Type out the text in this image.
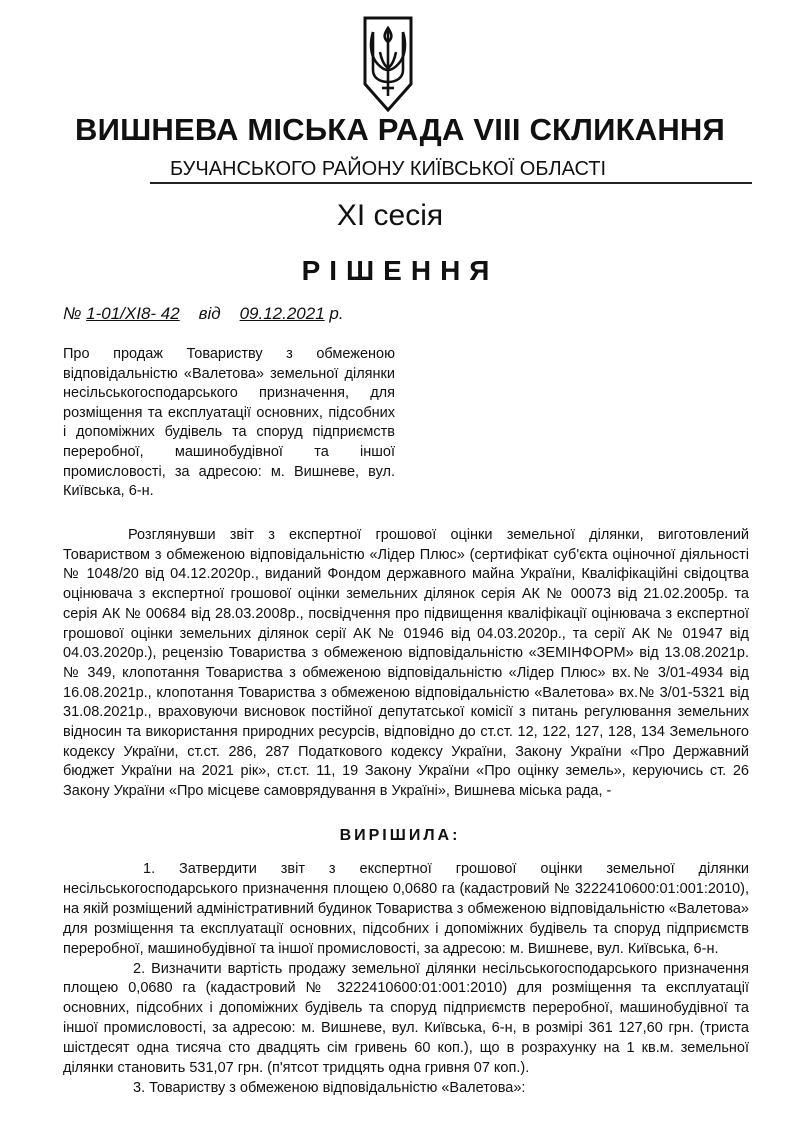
ВИШНЕВА МІСЬКА РАДА VIII СКЛИКАННЯ
БУЧАНСЬКОГО РАЙОНУ КИЇВСЬКОЇ ОБЛАСТІ
XI сесія
РІШЕННЯ
№ 1-01/XI8- 42 від 09.12.2021 р.
Про продаж Товариству з обмеженою відповідальністю «Валетова» земельної ділянки несільськогосподарського призначення, для розміщення та експлуатації основних, підсобних і допоміжних будівель та споруд підприємств переробної, машинобудівної та іншої промисловості, за адресою: м. Вишневе, вул. Київська, 6-н.
Розглянувши звіт з експертної грошової оцінки земельної ділянки, виготовлений Товариством з обмеженою відповідальністю «Лідер Плюс» (сертифікат суб'єкта оціночної діяльності № 1048/20 від 04.12.2020р., виданий Фондом державного майна України, Кваліфікаційні свідоцтва оцінювача з експертної грошової оцінки земельних ділянок серія АК № 00073 від 21.02.2005р. та серія АК № 00684 від 28.03.2008р., посвідчення про підвищення кваліфікації оцінювача з експертної грошової оцінки земельних ділянок серії АК № 01946 від 04.03.2020р., та серії АК № 01947 від 04.03.2020р.), рецензію Товариства з обмеженою відповідальністю «ЗЕМІНФОРМ» від 13.08.2021р. № 349, клопотання Товариства з обмеженою відповідальністю «Лідер Плюс» вх.№ 3/01-4934 від 16.08.2021р., клопотання Товариства з обмеженою відповідальністю «Валетова» вх.№ 3/01-5321 від 31.08.2021р., враховуючи висновок постійної депутатської комісії з питань регулювання земельних відносин та використання природних ресурсів, відповідно до ст.ст. 12, 122, 127, 128, 134 Земельного кодексу України, ст.ст. 286, 287 Податкового кодексу України, Закону України «Про Державний бюджет України на 2021 рік», ст.ст. 11, 19 Закону України «Про оцінку земель», керуючись ст. 26 Закону України «Про місцеве самоврядування в Україні», Вишнева міська рада, -
ВИРІШИЛА:

1. Затвердити звіт з експертної грошової оцінки земельної ділянки несільськогосподарського призначення площею 0,0680 га (кадастровий № 3222410600:01:001:2010), на якій розміщений адміністративний будинок Товариства з обмеженою відповідальністю «Валетова» для розміщення та експлуатації основних, підсобних і допоміжних будівель та споруд підприємств переробної, машинобудівної та іншої промисловості, за адресою: м. Вишневе, вул. Київська, 6-н.

2. Визначити вартість продажу земельної ділянки несільськогосподарського призначення площею 0,0680 га (кадастровий № 3222410600:01:001:2010) для розміщення та експлуатації основних, підсобних і допоміжних будівель та споруд підприємств переробної, машинобудівної та іншої промисловості, за адресою: м. Вишневе, вул. Київська, 6-н, в розмірі 361 127,60 грн. (триста шістдесят одна тисяча сто двадцять сім гривень 60 коп.), що в розрахунку на 1 кв.м. земельної ділянки становить 531,07 грн. (п'ятсот тридцять одна гривня 07 коп.).

3. Товариству з обмеженою відповідальністю «Валетова»:
